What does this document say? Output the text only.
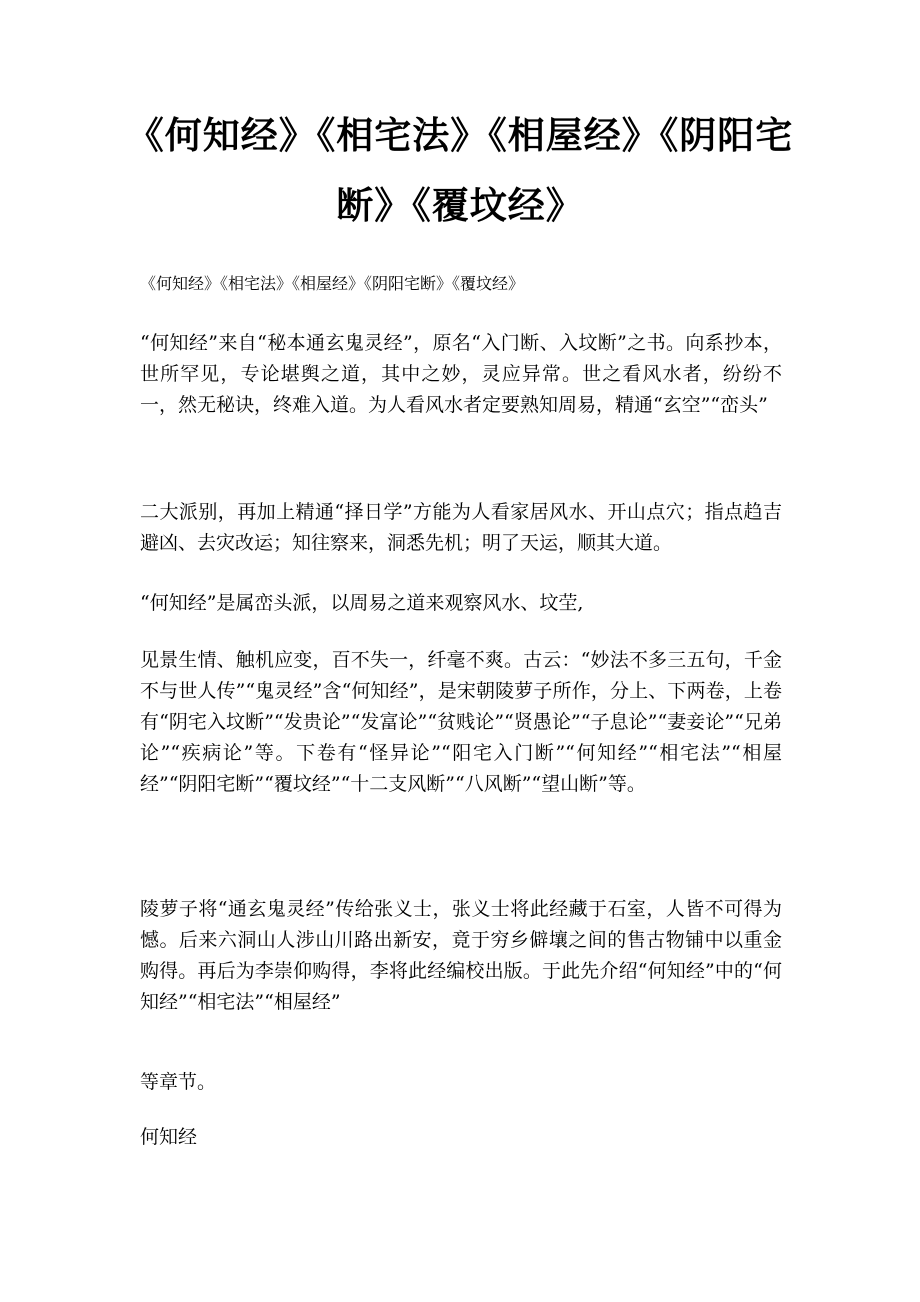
《何知经》《相宅法》《相屋经》《阴阳宅断》《覆坟经》

《何知经》《相宅法》《相屋经》《阴阳宅断》《覆坟经》

“何知经”来自“秘本通玄鬼灵经”，原名“入门断、入坟断”之书。向系抄本，世所罕见，专论堪舆之道，其中之妙，灵应异常。世之看风水者，纷纷不一，然无秘诀，终难入道。为人看风水者定要熟知周易，精通“玄空”“峦头”

二大派别，再加上精通“择日学”方能为人看家居风水、开山点穴；指点趋吉避凶、去灾改运；知往察来，洞悉先机；明了天运，顺其大道。

“何知经”是属峦头派，以周易之道来观察风水、坟茔,

见景生情、触机应变，百不失一，纤毫不爽。古云：“妙法不多三五句，千金不与世人传”“鬼灵经”含“何知经”，是宋朝陵萝子所作，分上、下两卷，上卷有“阴宅入坟断”“发贵论”“发富论”“贫贱论”“贤愚论”“子息论”“妻妾论”“兄弟论”“疾病论”等。下卷有“怪异论”“阳宅入门断”“何知经”“相宅法”“相屋经”“阴阳宅断”“覆坟经”“十二支风断”“八风断”“望山断”等。

陵萝子将“通玄鬼灵经”传给张义士，张义士将此经藏于石室，人皆不可得为憾。后来六洞山人涉山川路出新安，竟于穷乡僻壤之间的售古物铺中以重金购得。再后为李崇仰购得，李将此经编校出版。于此先介绍“何知经”中的“何知经”“相宅法”“相屋经”

等章节。

何知经
